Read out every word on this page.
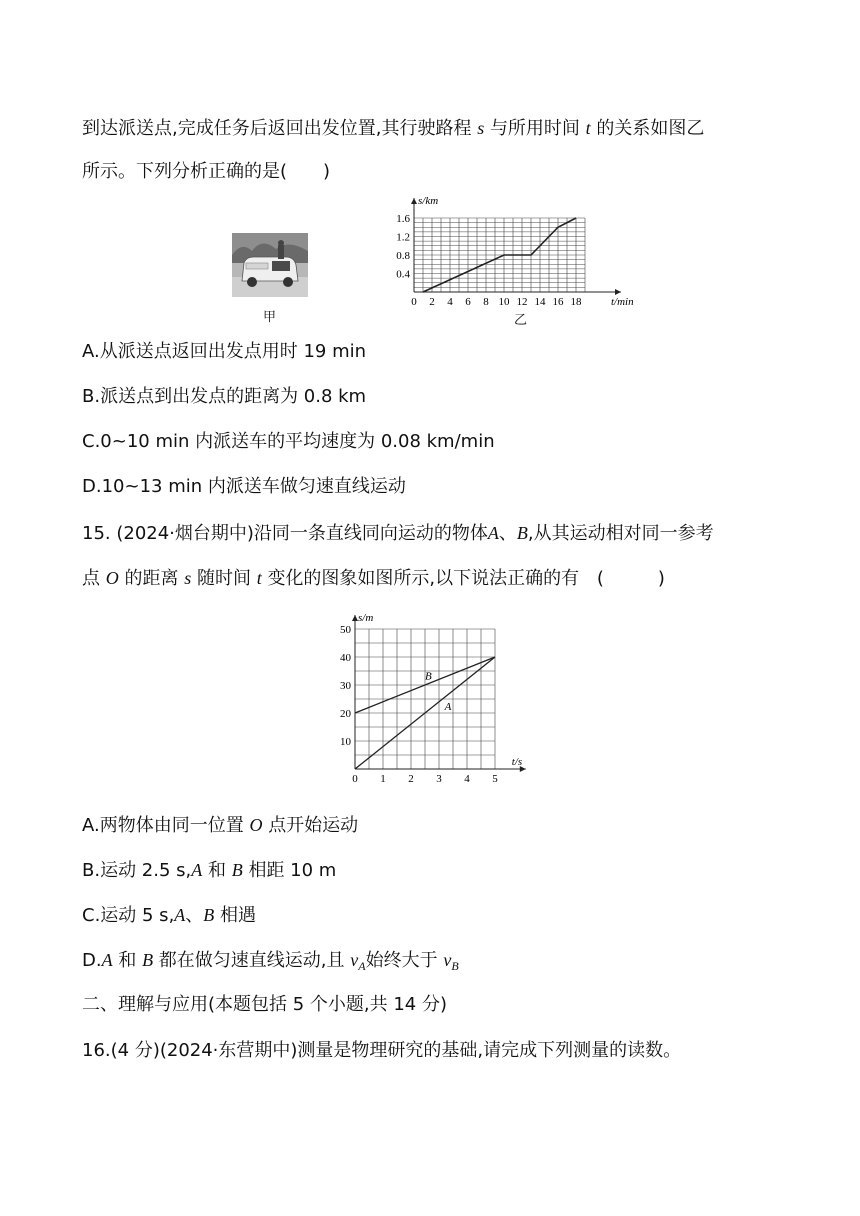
到达派送点,完成任务后返回出发位置,其行驶路程 s 与所用时间 t 的关系如图乙
所示。下列分析正确的是(　　)
甲
s/km
t/min
0 2 4 6 8 10 12 14 16 18
1.6
1.2
0.8
0.4
乙
A.从派送点返回出发点用时 19 min
B.派送点到出发点的距离为 0.8 km
C.0~10 min 内派送车的平均速度为 0.08 km/min
D.10~13 min 内派送车做匀速直线运动
15. (2024·烟台期中)沿同一条直线同向运动的物体A、B,从其运动相对同一参考
点 O 的距离 s 随时间 t 变化的图象如图所示,以下说法正确的有 (　　　)
s/m
t/s
0 1 2 3 4 5
50
40
30
20
10
A
B
A.两物体由同一位置 O 点开始运动
B.运动 2.5 s,A 和 B 相距 10 m
C.运动 5 s,A、B 相遇
D.A 和 B 都在做匀速直线运动,且 $v_A$始终大于 $v_B$
二、理解与应用(本题包括 5 个小题,共 14 分)
16.(4 分)(2024·东营期中)测量是物理研究的基础,请完成下列测量的读数。
